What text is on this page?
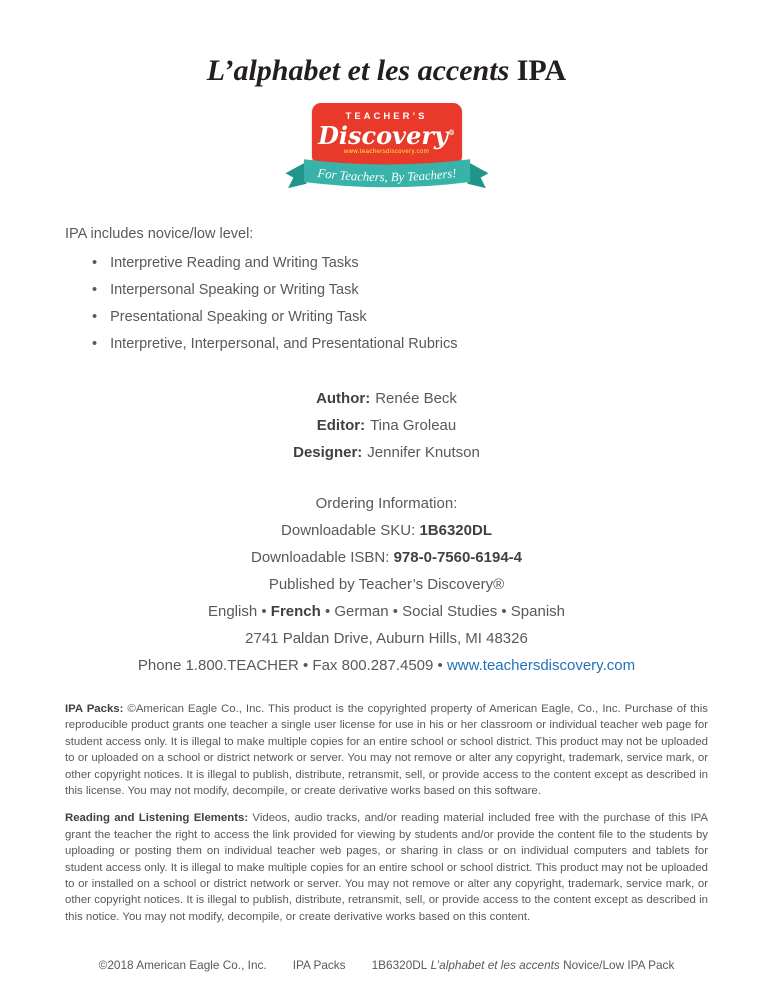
L’alphabet et les accents IPA
TEACHER’S
Discovery®
www.teachersdiscovery.com
For Teachers, By Teachers!

IPA includes novice/low level:

•
Interpretive Reading and Writing Tasks
•
Interpersonal Speaking or Writing Task
•
Presentational Speaking or Writing Task
•
Interpretive, Interpersonal, and Presentational Rubrics

Author: Renée Beck

Editor: Tina Groleau

Designer: Jennifer Knutson

Ordering Information:

Downloadable SKU: 1B6320DL

Downloadable ISBN: 978-0-7560-6194-4

Published by Teacher’s Discovery®

English • French • German • Social Studies • Spanish

2741 Paldan Drive, Auburn Hills, MI 48326

Phone 1.800.TEACHER • Fax 800.287.4509 • www.teachersdiscovery.com

IPA Packs: ©American Eagle Co., Inc. This product is the copyrighted property of American Eagle, Co., Inc. Purchase of this reproducible product grants one teacher a single user license for use in his or her classroom or individual teacher web page for student access only. It is illegal to make multiple copies for an entire school or school district. This product may not be uploaded to or uploaded on a school or district network or server. You may not remove or alter any copyright, trademark, service mark, or other copyright notices. It is illegal to publish, distribute, retransmit, sell, or provide access to the content except as described in this license. You may not modify, decompile, or create derivative works based on this software.

Reading and Listening Elements: Videos, audio tracks, and/or reading material included free with the purchase of this IPA grant the teacher the right to access the link provided for viewing by students and/or provide the content file to the students by uploading or posting them on individual teacher web pages, or sharing in class or on individual computers and tablets for student access only. It is illegal to make multiple copies for an entire school or school district. This product may not be uploaded to or installed on a school or district network or server. You may not remove or alter any copyright, trademark, service mark, or other copyright notices. It is illegal to publish, distribute, retransmit, sell, or provide access to the content except as described in this notice. You may not modify, decompile, or create derivative works based on this content.

©2018 American Eagle Co., Inc. IPA Packs 1B6320DL L’alphabet et les accents Novice/Low IPA Pack
